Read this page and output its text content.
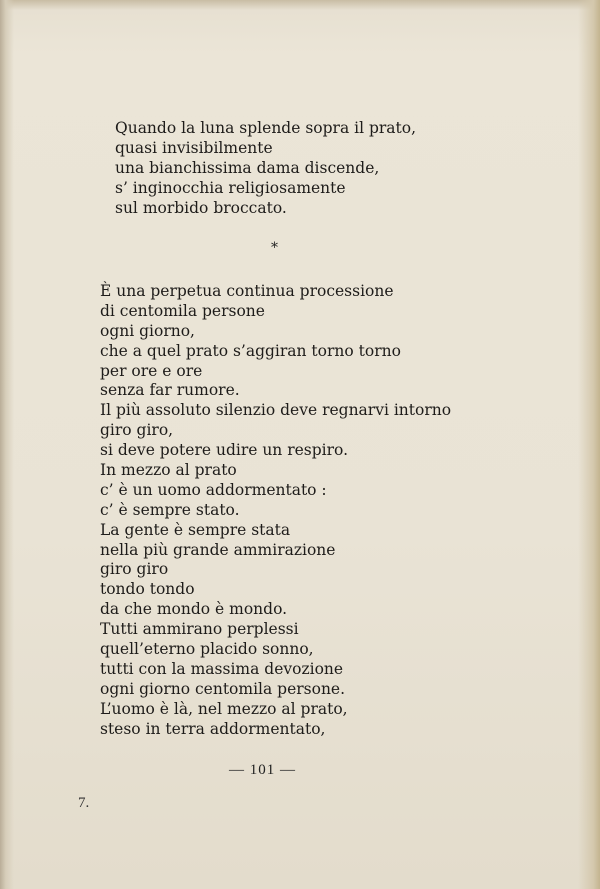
Quando la luna splende sopra il prato,
quasi invisibilmente
una bianchissima dama discende,
s’ inginocchia religiosamente
sul morbido broccato.
*
È una perpetua continua processione
di centomila persone
ogni giorno,
che a quel prato s’aggiran torno torno
per ore e ore
senza far rumore.
Il più assoluto silenzio deve regnarvi intorno
giro giro,
si deve potere udire un respiro.
In mezzo al prato
c’ è un uomo addormentato :
c’ è sempre stato.
La gente è sempre stata
nella più grande ammirazione
giro giro
tondo tondo
da che mondo è mondo.
Tutti ammirano perplessi
quell’eterno placido sonno,
tutti con la massima devozione
ogni giorno centomila persone.
L’uomo è là, nel mezzo al prato,
steso in terra addormentato,
— 101 —
7.
